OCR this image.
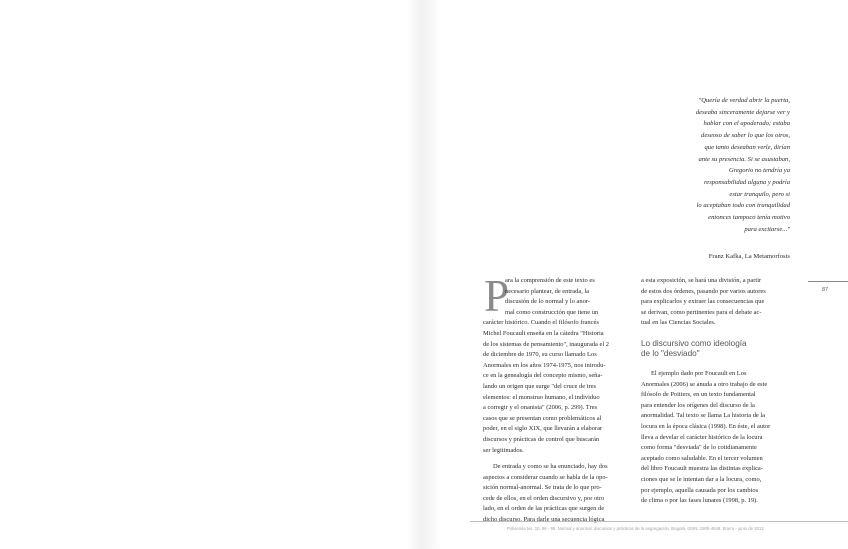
"Quería de verdad abrir la puerta,
deseaba sinceramente dejarse ver y
hablar con el apoderado; estaba
deseoso de saber lo que los otros,
que tanto deseaban verle, dirían
ante su presencia. Si se asustaban,
Gregorio no tendría ya
responsabilidad alguna y podría
estar tranquilo, pero si
lo aceptaban todo con tranquilidad
entonces tampoco tenía motivo
para excitarse..."
Franz Kafka, La Metamorfosis
P
ara la comprensión de este texto es
necesario plantear, de entrada, la
discusión de lo normal y lo anor-
mal como construcción que tiene un
carácter histórico. Cuando el filósofo francés
Michel Foucault enseña en la cátedra "Historia
de los sistemas de pensamiento", inaugurada el 2
de diciembre de 1970, su curso llamado Los
Anormales en los años 1974-1975, nos introdu-
ce en la genealogía del concepto mismo, seña-
lando un origen que surge "del cruce de tres
elementos: el monstruo humano, el individuo
a corregir y el onanista" (2006, p. 299). Tres
casos que se presentan como problemáticos al
poder, en el siglo XIX, que llevarán a elaborar
discursos y prácticas de control que buscarán
ser legitimados.
De entrada y como se ha enunciado, hay dos
aspectos a considerar cuando se habla de la opo-
sición normal-anormal. Se trata de lo que pro-
cede de ellos, en el orden discursivo y, por otro
lado, en el orden de las prácticas que surgen de
dicho discurso. Para darle una secuencia lógica
a esta exposición, se hará una división, a partir
de estos dos órdenes, pasando por varios autores
para explicarlos y extraer las consecuencias que
se derivan, como pertinentes para el debate ac-
tual en las Ciencias Sociales.
Lo discursivo como ideología
de lo "desviado"
El ejemplo dado por Foucault en Los
Anormales (2006) se anuda a otro trabajo de este
filósofo de Poitiers, en un texto fundamental
para entender los orígenes del discurso de la
anormalidad. Tal texto se llama La historia de la
locura en la época clásica (1998). En éste, el autor
lleva a develar el carácter histórico de la locura
como forma "desviada" de lo cotidianamente
aceptado como saludable. En el tercer volumen
del libro Foucault muestra las distintas explica-
ciones que se le intentan dar a la locura, como,
por ejemplo, aquella causada por los cambios
de clima o por las fases lunares (1998, p. 19).
87
Polisemia No. 10, 86 - 95. Normal y anormal: discursos y prácticas de la segregación. Bogotá, ISSN: 1900-4648. Enero - junio de 2012
